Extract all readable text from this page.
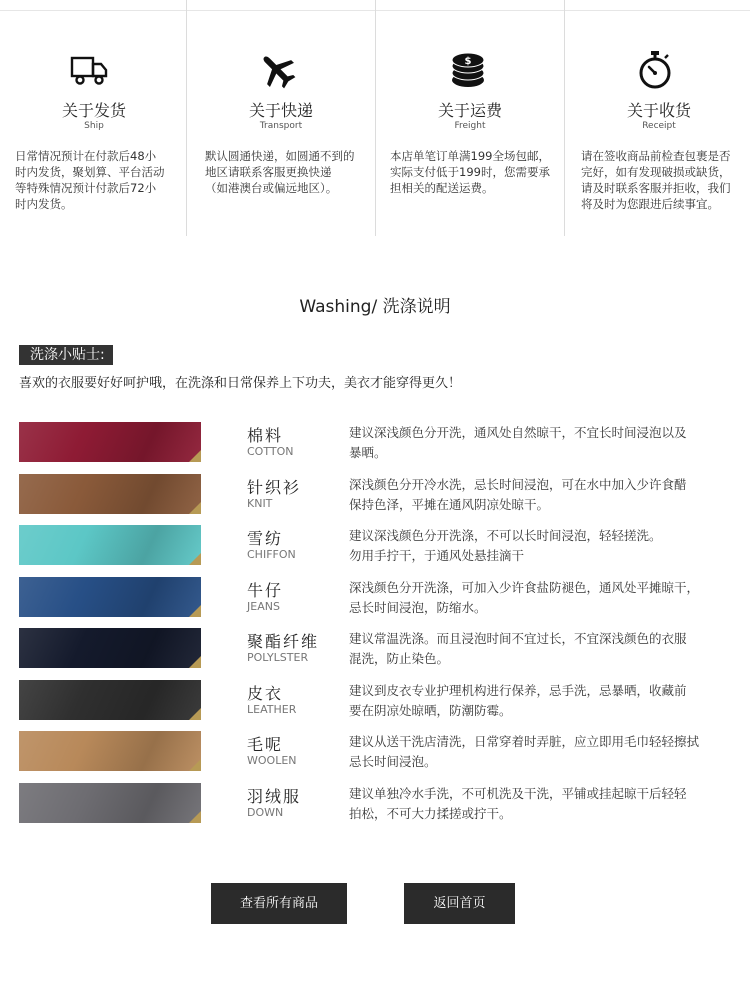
关于发货
Ship
日常情况预计在付款后48小
时内发货，聚划算、平台活动
等特殊情况预计付款后72小
时内发货。
关于快递
Transport
默认圆通快递，如圆通不到的
地区请联系客服更换快递
（如港澳台或偏远地区）。
$
关于运费
Freight
本店单笔订单满199全场包邮，
实际支付低于199时，您需要承
担相关的配送运费。
关于收货
Receipt
请在签收商品前检查包裹是否
完好，如有发现破损或缺货，
请及时联系客服并拒收，我们
将及时为您跟进后续事宜。
Washing/ 洗涤说明
洗涤小贴士:
喜欢的衣服要好好呵护哦，在洗涤和日常保养上下功夫，美衣才能穿得更久！
棉料
COTTON
建议深浅颜色分开洗，通风处自然晾干，不宜长时间浸泡以及
暴晒。
针织衫
KNIT
深浅颜色分开冷水洗，忌长时间浸泡，可在水中加入少许食醋
保持色泽，平摊在通风阴凉处晾干。
雪纺
CHIFFON
建议深浅颜色分开洗涤，不可以长时间浸泡，轻轻搓洗。
勿用手拧干，于通风处悬挂滴干
牛仔
JEANS
深浅颜色分开洗涤，可加入少许食盐防褪色，通风处平摊晾干，
忌长时间浸泡，防缩水。
聚酯纤维
POLYLSTER
建议常温洗涤。而且浸泡时间不宜过长，不宜深浅颜色的衣服
混洗，防止染色。
皮衣
LEATHER
建议到皮衣专业护理机构进行保养，忌手洗，忌暴晒，收藏前
要在阴凉处晾晒，防潮防霉。
毛呢
WOOLEN
建议从送干洗店清洗，日常穿着时弄脏，应立即用毛巾轻轻擦拭
忌长时间浸泡。
羽绒服
DOWN
建议单独冷水手洗，不可机洗及干洗，平铺或挂起晾干后轻轻
拍松，不可大力揉搓或拧干。
查看所有商品	返回首页
